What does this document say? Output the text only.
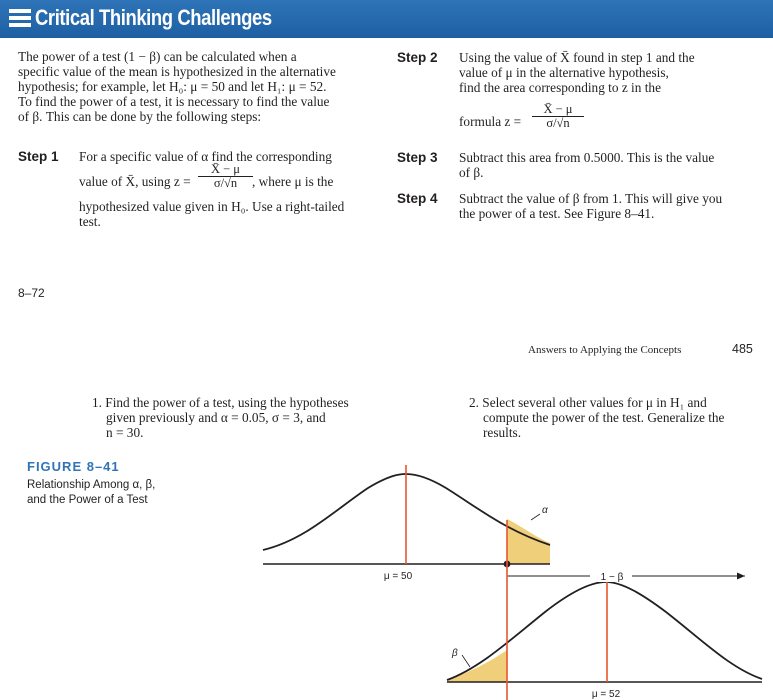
Critical Thinking Challenges
The power of a test (1 − β) can be calculated when a
specific value of the mean is hypothesized in the alternative
hypothesis; for example, let H₀: μ = 50 and let H₁: μ = 52.
To find the power of a test, it is necessary to find the value
of β. This can be done by the following steps:
Step 1 For a specific value of α find the corresponding
value of X̄, using $z = \frac{X̄ - \mu}{\sigma/√n}$ , where μ is the
hypothesized value given in H₀. Use a right-tailed
test.
Step 2 Using the value of X̄ found in step 1 and the
value of μ in the alternative hypothesis,
find the area corresponding to z in the
formula $z = \frac{X̄ - \mu}{\sigma/√n}$
Step 3 Subtract this area from 0.5000. This is the value
of β.
Step 4 Subtract the value of β from 1. This will give you
the power of a test. See Figure 8–41.
8–72
Answers to Applying the Concepts	485
1. Find the power of a test, using the hypotheses
given previously and α = 0.05, σ = 3, and
n = 30.
2. Select several other values for μ in H₁ and
compute the power of the test. Generalize the
results.
FIGURE 8–41
Relationship Among α, β,
and the Power of a Test
1 − β
μ = 50
μ = 52
α
β
